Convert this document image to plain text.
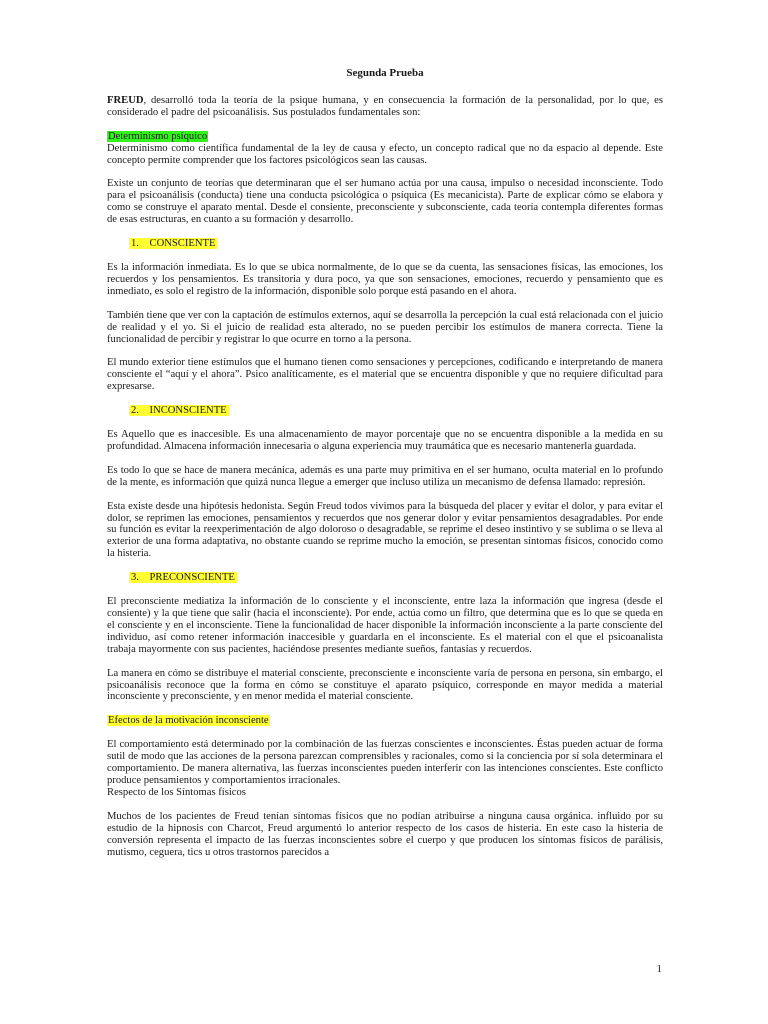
Segunda Prueba

FREUD, desarrolló toda la teoría de la psique humana, y en consecuencia la formación de la personalidad, por lo que, es considerado el padre del psicoanálisis. Sus postulados fundamentales son:

Determinismo psíquico

Determinismo como científica fundamental de la ley de causa y efecto, un concepto radical que no da espacio al depende. Este concepto permite comprender que los factores psicológicos sean las causas.

Existe un conjunto de teorías que determinaran que el ser humano actúa por una causa, impulso o necesidad inconsciente. Todo para el psicoanálisis (conducta) tiene una conducta psicológica o psíquica (Es mecanicista). Parte de explicar cómo se elabora y como se construye el aparato mental. Desde el consiente, preconsciente y subconsciente, cada teoría contempla diferentes formas de esas estructuras, en cuanto a su formación y desarrollo.

1.    CONSCIENTE

Es la información inmediata. Es lo que se ubica normalmente, de lo que se da cuenta, las sensaciones físicas, las emociones, los recuerdos y los pensamientos. Es transitoria y dura poco, ya que son sensaciones, emociones, recuerdo y pensamiento que es inmediato, es solo el registro de la información, disponible solo porque está pasando en el ahora.

También tiene que ver con la captación de estímulos externos, aquí se desarrolla la percepción la cual está relacionada con el juicio de realidad y el yo. Si el juicio de realidad esta alterado, no se pueden percibir los estímulos de manera correcta. Tiene la funcionalidad de percibir y registrar lo que ocurre en torno a la persona.

El mundo exterior tiene estímulos que el humano tienen como sensaciones y percepciones, codificando e interpretando de manera consciente el “aquí y el ahora”. Psico analíticamente, es el material que se encuentra disponible y que no requiere dificultad para expresarse.

2.    INCONSCIENTE

Es Aquello que es inaccesible. Es una almacenamiento de mayor porcentaje que no se encuentra disponible a la medida en su profundidad. Almacena información innecesaria o alguna experiencia muy traumática que es necesario mantenerla guardada.

Es todo lo que se hace de manera mecánica, además es una parte muy primitiva en el ser humano, oculta material en lo profundo de la mente, es información que quizá nunca llegue a emerger que incluso utiliza un mecanismo de defensa llamado: represión.

Esta existe desde una hipótesis hedonista. Según Freud todos vivimos para la búsqueda del placer y evitar el dolor, y para evitar el dolor, se reprimen las emociones, pensamientos y recuerdos que nos generar dolor y evitar pensamientos desagradables. Por ende su función es evitar la reexperimentación de algo doloroso o desagradable, se reprime el deseo instintivo y se sublima o se lleva al exterior de una forma adaptativa, no obstante cuando se reprime mucho la emoción, se presentan síntomas físicos, conocido como la histeria.

3.    PRECONSCIENTE

El preconsciente mediatiza la información de lo consciente y el inconsciente, entre laza la información que ingresa (desde el consiente) y la que tiene que salir (hacia el inconsciente). Por ende, actúa como un filtro, que determina que es lo que se queda en el consciente y en el inconsciente. Tiene la funcionalidad de hacer disponible la información inconsciente a la parte consciente del individuo, así como retener información inaccesible y guardarla en el inconsciente. Es el material con el que el psicoanalista trabaja mayormente con sus pacientes, haciéndose presentes mediante sueños, fantasías y recuerdos.

La manera en cómo se distribuye el material consciente, preconsciente e inconsciente varía de persona en persona, sin embargo, el psicoanálisis reconoce que la forma en cómo se constituye el aparato psíquico, corresponde en mayor medida a material inconsciente y preconsciente, y en menor medida el material consciente.

Efectos de la motivación inconsciente

El comportamiento está determinado por la combinación de las fuerzas conscientes e inconscientes. Éstas pueden actuar de forma sutil de modo que las acciones de la persona parezcan comprensibles y racionales, como si la conciencia por sí sola determinara el comportamiento. De manera alternativa, las fuerzas inconscientes pueden interferir con las intenciones conscientes. Este conflicto produce pensamientos y comportamientos irracionales.

Respecto de los Síntomas físicos

Muchos de los pacientes de Freud tenían síntomas físicos que no podían atribuirse a ninguna causa orgánica. influido por su estudio de la hipnosis con Charcot, Freud argumentó lo anterior respecto de los casos de histeria. En este caso la histeria de conversión representa el impacto de las fuerzas inconscientes sobre el cuerpo y que producen los síntomas físicos de parálisis, mutismo, ceguera, tics u otros trastornos parecidos a

1
